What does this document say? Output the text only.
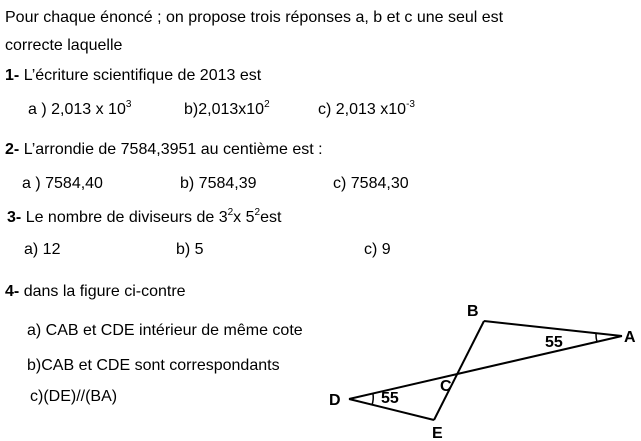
Pour chaque énoncé ; on propose trois réponses a, b et c une seul est
correcte laquelle
1- L’écriture scientifique de 2013 est
a ) 2,013 x $10^3$	$b)2,013x10^2$	c) 2,013 $x10^{-3}$
2- L’arrondie de 7584,3951 au centième est :
a ) 7584,40	b) 7584,39	c) 7584,30
3- Le nombre de diviseurs de $3^2x$ $5^2est$
a) 12	b) 5	c) 9
4- dans la figure ci-contre
a) CAB et CDE intérieur de même cote
b)CAB et CDE sont correspondants
c)(DE)//(BA)
B
A
C
D
E
55
55
